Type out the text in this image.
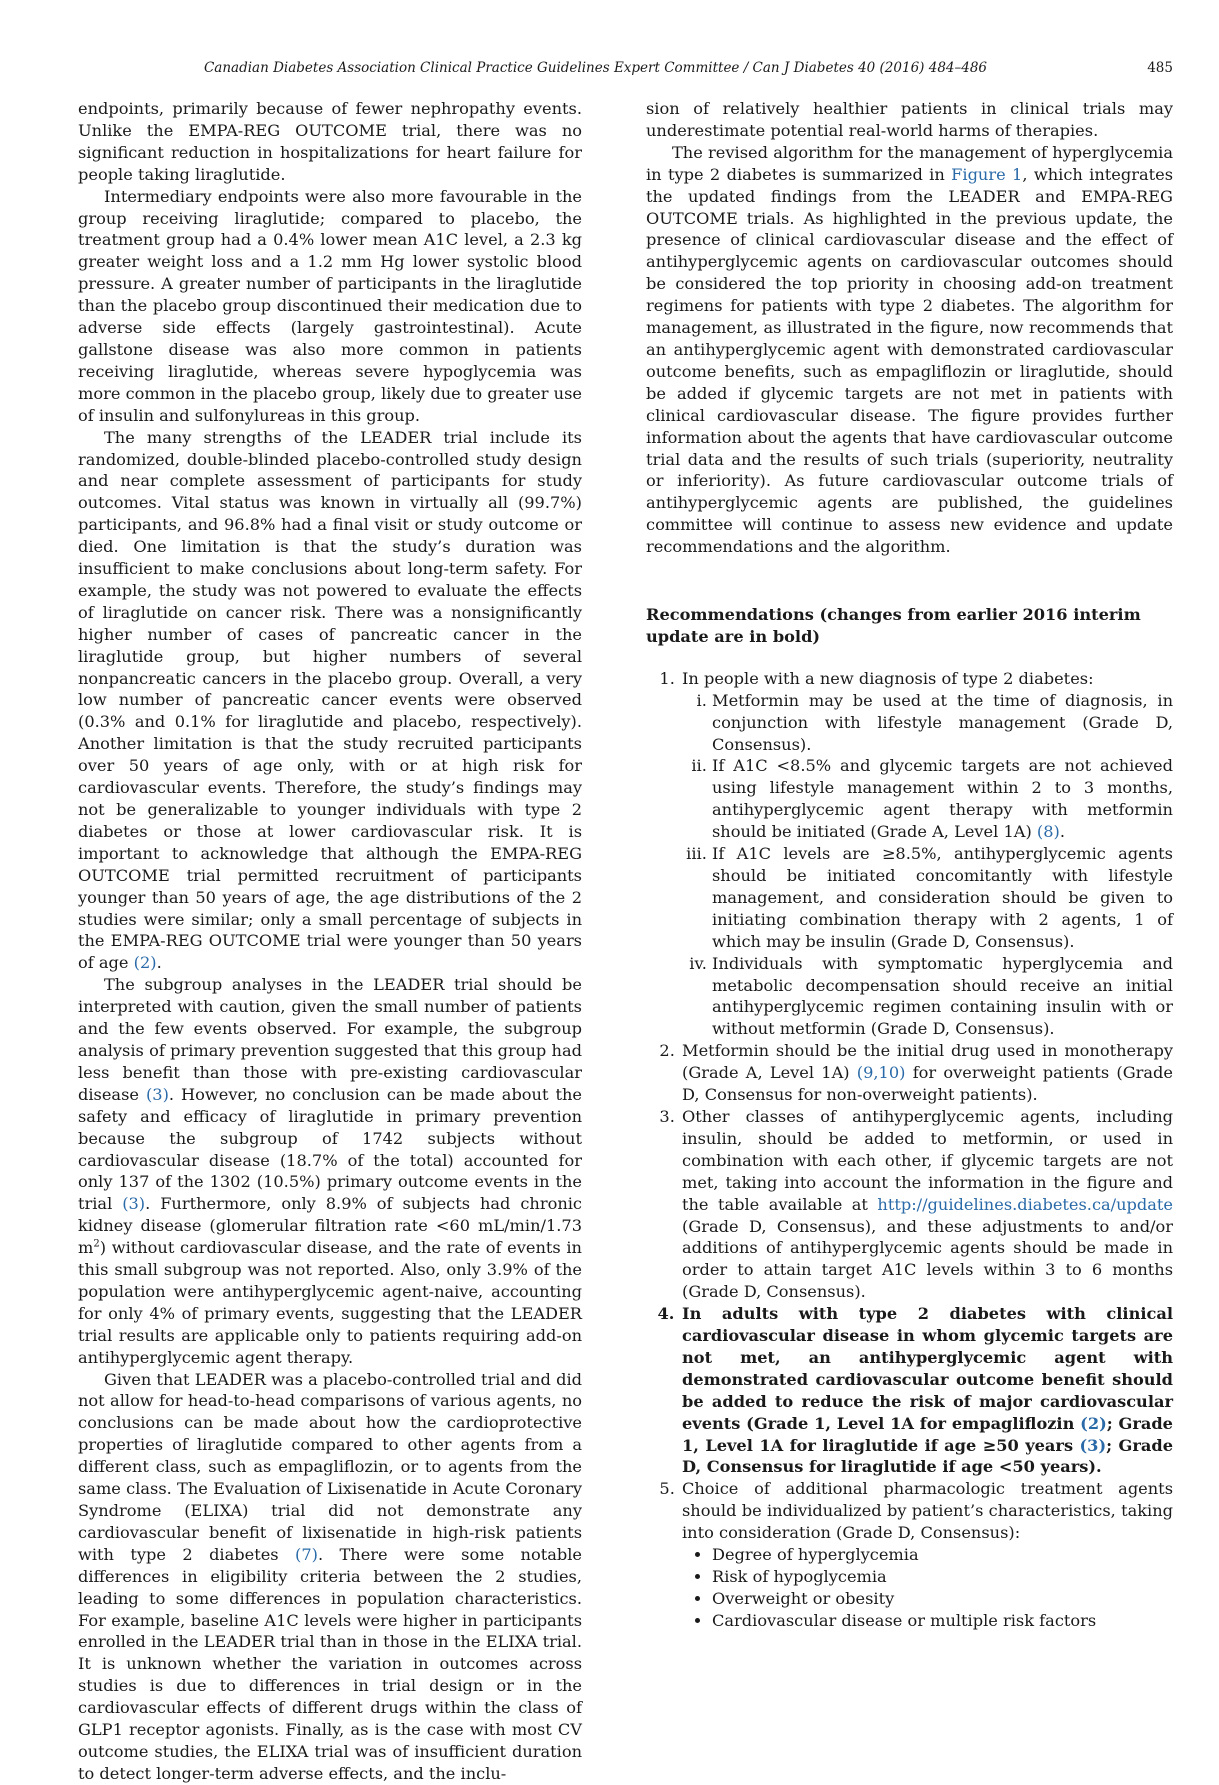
Canadian Diabetes Association Clinical Practice Guidelines Expert Committee / Can J Diabetes 40 (2016) 484–486	485

endpoints, primarily because of fewer nephropathy events. Unlike the EMPA-REG OUTCOME trial, there was no significant reduction in hospitalizations for heart failure for people taking liraglutide.

Intermediary endpoints were also more favourable in the group receiving liraglutide; compared to placebo, the treatment group had a 0.4% lower mean A1C level, a 2.3 kg greater weight loss and a 1.2 mm Hg lower systolic blood pressure. A greater number of participants in the liraglutide than the placebo group discontinued their medication due to adverse side effects (largely gastrointestinal). Acute gallstone disease was also more common in patients receiving liraglutide, whereas severe hypoglycemia was more common in the placebo group, likely due to greater use of insulin and sulfonylureas in this group.

The many strengths of the LEADER trial include its randomized, double-blinded placebo-controlled study design and near complete assessment of participants for study outcomes. Vital status was known in virtually all (99.7%) participants, and 96.8% had a final visit or study outcome or died. One limitation is that the study’s duration was insufficient to make conclusions about long-term safety. For example, the study was not powered to evaluate the effects of liraglutide on cancer risk. There was a nonsignificantly higher number of cases of pancreatic cancer in the liraglutide group, but higher numbers of several nonpancreatic cancers in the placebo group. Overall, a very low number of pancreatic cancer events were observed (0.3% and 0.1% for liraglutide and placebo, respectively). Another limitation is that the study recruited participants over 50 years of age only, with or at high risk for cardiovascular events. Therefore, the study’s findings may not be generalizable to younger individuals with type 2 diabetes or those at lower cardiovascular risk. It is important to acknowledge that although the EMPA-REG OUTCOME trial permitted recruitment of participants younger than 50 years of age, the age distributions of the 2 studies were similar; only a small percentage of subjects in the EMPA-REG OUTCOME trial were younger than 50 years of age (2).

The subgroup analyses in the LEADER trial should be interpreted with caution, given the small number of patients and the few events observed. For example, the subgroup analysis of primary prevention suggested that this group had less benefit than those with pre-existing cardiovascular disease (3). However, no conclusion can be made about the safety and efficacy of liraglutide in primary prevention because the subgroup of 1742 subjects without cardiovascular disease (18.7% of the total) accounted for only 137 of the 1302 (10.5%) primary outcome events in the trial (3). Furthermore, only 8.9% of subjects had chronic kidney disease (glomerular filtration rate <60 mL/min/1.73 $m^2$) without cardiovascular disease, and the rate of events in this small subgroup was not reported. Also, only 3.9% of the population were antihyperglycemic agent-naive, accounting for only 4% of primary events, suggesting that the LEADER trial results are applicable only to patients requiring add-on antihyperglycemic agent therapy.

Given that LEADER was a placebo-controlled trial and did not allow for head-to-head comparisons of various agents, no conclusions can be made about how the cardioprotective properties of liraglutide compared to other agents from a different class, such as empagliflozin, or to agents from the same class. The Evaluation of Lixisenatide in Acute Coronary Syndrome (ELIXA) trial did not demonstrate any cardiovascular benefit of lixisenatide in high-risk patients with type 2 diabetes (7). There were some notable differences in eligibility criteria between the 2 studies, leading to some differences in population characteristics. For example, baseline A1C levels were higher in participants enrolled in the LEADER trial than in those in the ELIXA trial. It is unknown whether the variation in outcomes across studies is due to differences in trial design or in the cardiovascular effects of different drugs within the class of GLP1 receptor agonists. Finally, as is the case with most CV outcome studies, the ELIXA trial was of insufficient duration to detect longer-term adverse effects, and the inclu-

sion of relatively healthier patients in clinical trials may underestimate potential real-world harms of therapies.

The revised algorithm for the management of hyperglycemia in type 2 diabetes is summarized in Figure 1, which integrates the updated findings from the LEADER and EMPA-REG OUTCOME trials. As highlighted in the previous update, the presence of clinical cardiovascular disease and the effect of antihyperglycemic agents on cardiovascular outcomes should be considered the top priority in choosing add-on treatment regimens for patients with type 2 diabetes. The algorithm for management, as illustrated in the figure, now recommends that an antihyperglycemic agent with demonstrated cardiovascular outcome benefits, such as empagliflozin or liraglutide, should be added if glycemic targets are not met in patients with clinical cardiovascular disease. The figure provides further information about the agents that have cardiovascular outcome trial data and the results of such trials (superiority, neutrality or inferiority). As future cardiovascular outcome trials of antihyperglycemic agents are published, the guidelines committee will continue to assess new evidence and update recommendations and the algorithm.

Recommendations (changes from earlier 2016 interim update are in bold)

1. In people with a new diagnosis of type 2 diabetes:
i. Metformin may be used at the time of diagnosis, in conjunction with lifestyle management (Grade D, Consensus).
ii. If A1C <8.5% and glycemic targets are not achieved using lifestyle management within 2 to 3 months, antihyperglycemic agent therapy with metformin should be initiated (Grade A, Level 1A) (8).
iii. If A1C levels are ≥8.5%, antihyperglycemic agents should be initiated concomitantly with lifestyle management, and consideration should be given to initiating combination therapy with 2 agents, 1 of which may be insulin (Grade D, Consensus).
iv. Individuals with symptomatic hyperglycemia and metabolic decompensation should receive an initial antihyperglycemic regimen containing insulin with or without metformin (Grade D, Consensus).
2. Metformin should be the initial drug used in monotherapy (Grade A, Level 1A) (9,10) for overweight patients (Grade D, Consensus for non-overweight patients).
3. Other classes of antihyperglycemic agents, including insulin, should be added to metformin, or used in combination with each other, if glycemic targets are not met, taking into account the information in the figure and the table available at http://guidelines.diabetes.ca/update (Grade D, Consensus), and these adjustments to and/or additions of antihyperglycemic agents should be made in order to attain target A1C levels within 3 to 6 months (Grade D, Consensus).
4. In adults with type 2 diabetes with clinical cardiovascular disease in whom glycemic targets are not met, an antihyperglycemic agent with demonstrated cardiovascular outcome benefit should be added to reduce the risk of major cardiovascular events (Grade 1, Level 1A for empagliflozin (2); Grade 1, Level 1A for liraglutide if age ≥50 years (3); Grade D, Consensus for liraglutide if age <50 years).
5. Choice of additional pharmacologic treatment agents should be individualized by patient’s characteristics, taking into consideration (Grade D, Consensus):
• Degree of hyperglycemia
• Risk of hypoglycemia
• Overweight or obesity
• Cardiovascular disease or multiple risk factors
